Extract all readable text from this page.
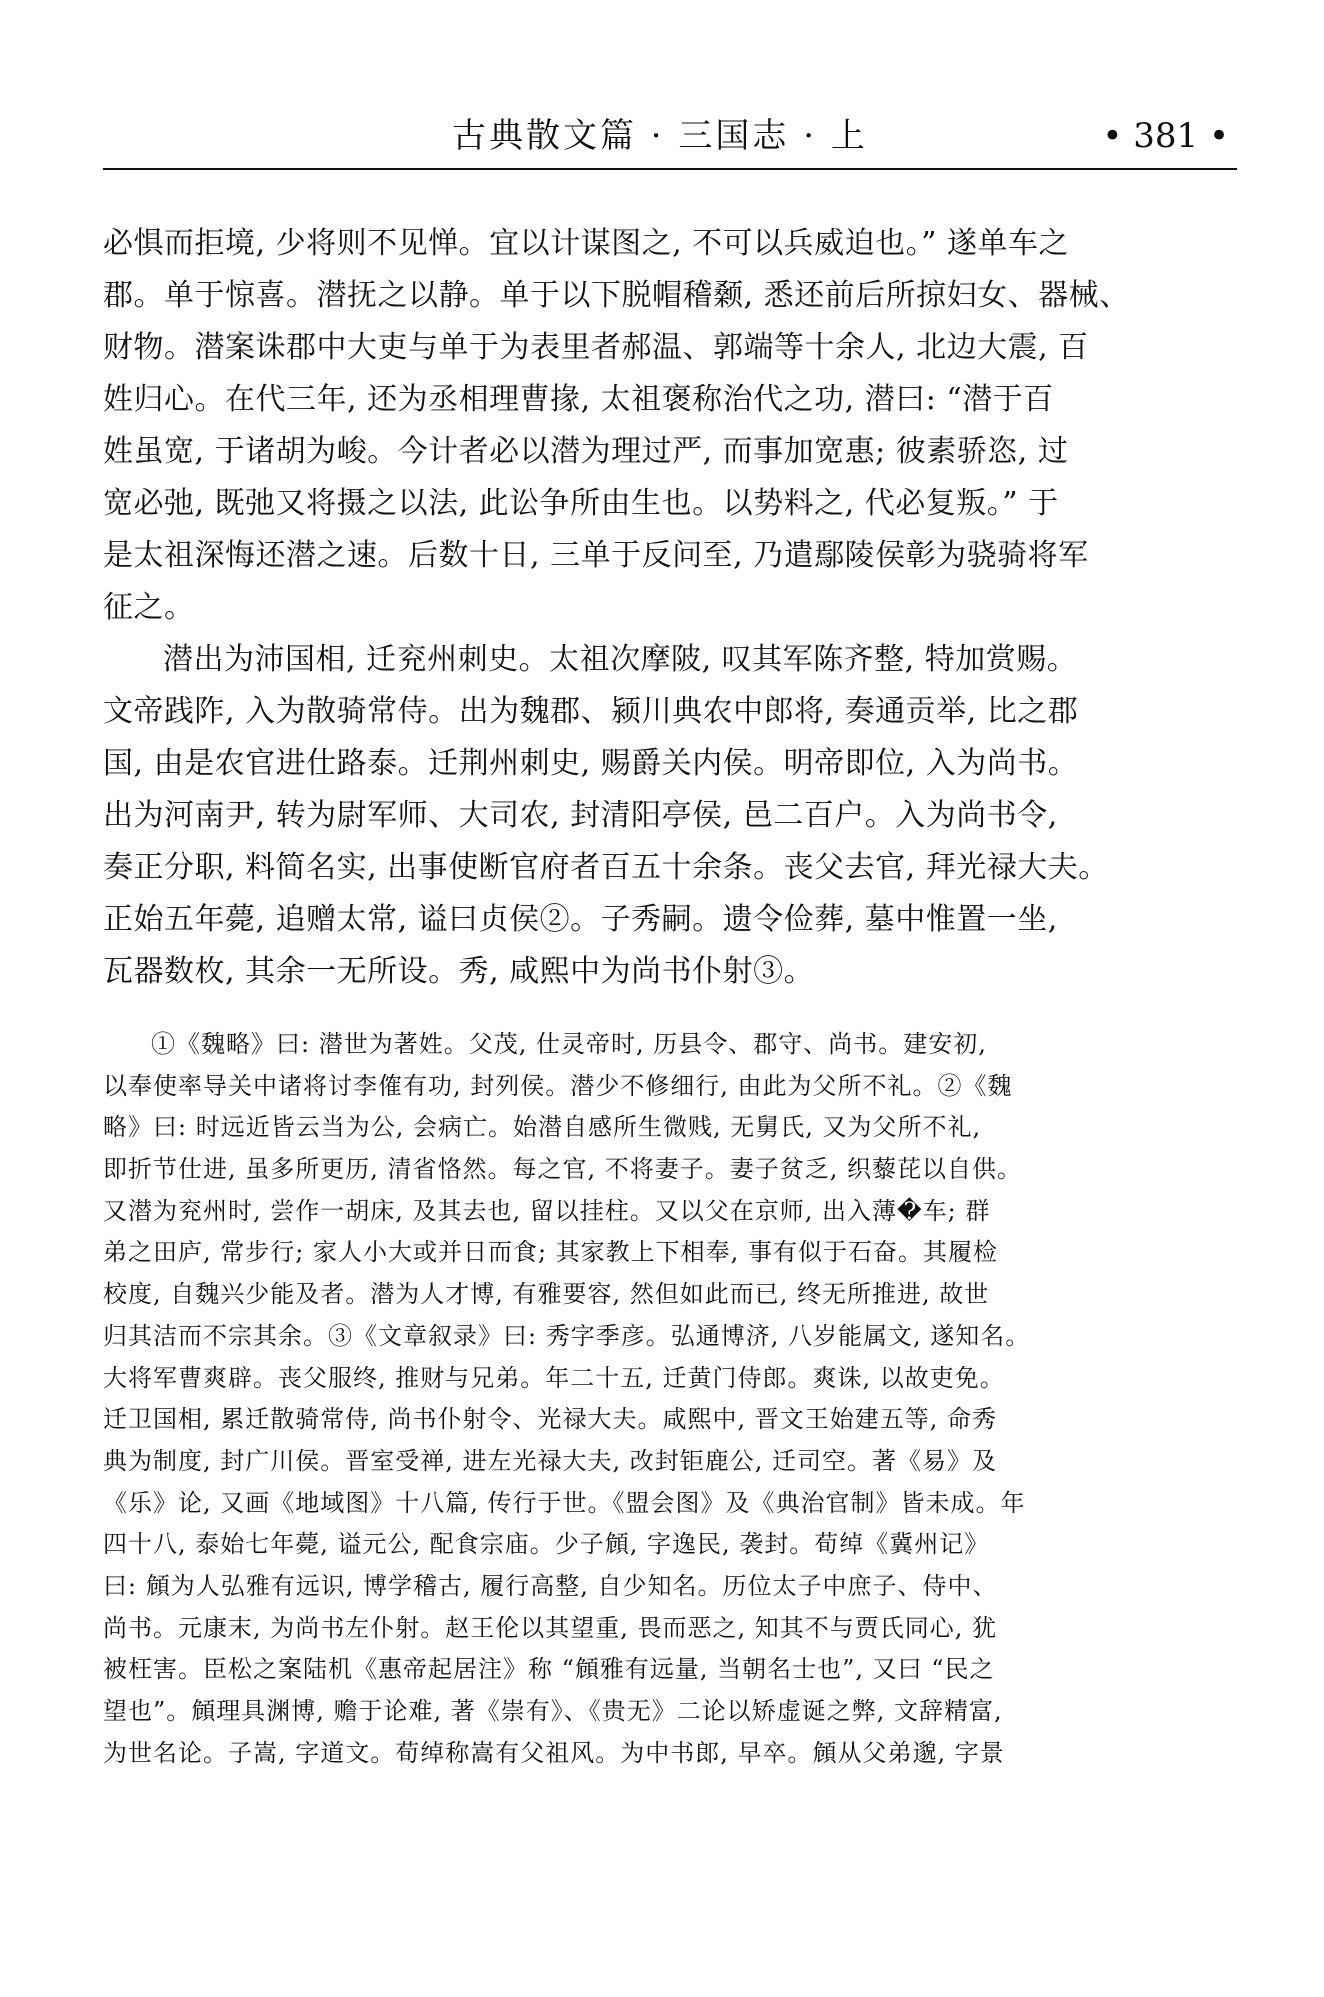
古典散文篇 · 三国志 · 上	• 381 •
必惧而拒境, 少将则不见惮。宜以计谋图之, 不可以兵威迫也。” 遂单车之
郡。单于惊喜。潜抚之以静。单于以下脱帽稽颡, 悉还前后所掠妇女、器械、
财物。潜案诛郡中大吏与单于为表里者郝温、郭端等十余人, 北边大震, 百
姓归心。在代三年, 还为丞相理曹掾, 太祖褒称治代之功, 潜曰: “潜于百
姓虽宽, 于诸胡为峻。今计者必以潜为理过严, 而事加宽惠; 彼素骄恣, 过
宽必弛, 既弛又将摄之以法, 此讼争所由生也。以势料之, 代必复叛。” 于
是太祖深悔还潜之速。后数十日, 三单于反问至, 乃遣鄢陵侯彰为骁骑将军
征之。
潜出为沛国相, 迁兖州刺史。太祖次摩陂, 叹其军陈齐整, 特加赏赐。
文帝践阼, 入为散骑常侍。出为魏郡、颍川典农中郎将, 奏通贡举, 比之郡
国, 由是农官进仕路泰。迁荆州刺史, 赐爵关内侯。明帝即位, 入为尚书。
出为河南尹, 转为尉军师、大司农, 封清阳亭侯, 邑二百户。入为尚书令,
奏正分职, 料简名实, 出事使断官府者百五十余条。丧父去官, 拜光禄大夫。
正始五年薨, 追赠太常, 谥曰贞侯②。子秀嗣。遗令俭葬, 墓中惟置一坐,
瓦器数枚, 其余一无所设。秀, 咸熙中为尚书仆射③。
①《魏略》曰: 潜世为著姓。父茂, 仕灵帝时, 历县令、郡守、尚书。建安初,
以奉使率导关中诸将讨李傕有功, 封列侯。潜少不修细行, 由此为父所不礼。②《魏
略》曰: 时远近皆云当为公, 会病亡。始潜自感所生微贱, 无舅氏, 又为父所不礼,
即折节仕进, 虽多所更历, 清省恪然。每之官, 不将妻子。妻子贫乏, 织藜芘以自供。
又潜为兖州时, 尝作一胡床, 及其去也, 留以挂柱。又以父在京师, 出入薄�车; 群
弟之田庐, 常步行; 家人小大或并日而食; 其家教上下相奉, 事有似于石奋。其履检
校度, 自魏兴少能及者。潜为人才博, 有雅要容, 然但如此而已, 终无所推进, 故世
归其洁而不宗其余。③《文章叙录》曰: 秀字季彦。弘通博济, 八岁能属文, 遂知名。
大将军曹爽辟。丧父服终, 推财与兄弟。年二十五, 迁黄门侍郎。爽诛, 以故吏免。
迁卫国相, 累迁散骑常侍, 尚书仆射令、光禄大夫。咸熙中, 晋文王始建五等, 命秀
典为制度, 封广川侯。晋室受禅, 进左光禄大夫, 改封钜鹿公, 迁司空。著《易》及
《乐》论, 又画《地域图》十八篇, 传行于世。《盟会图》及《典治官制》皆未成。年
四十八, 泰始七年薨, 谥元公, 配食宗庙。少子頠, 字逸民, 袭封。荀绰《冀州记》
曰: 頠为人弘雅有远识, 博学稽古, 履行高整, 自少知名。历位太子中庶子、侍中、
尚书。元康末, 为尚书左仆射。赵王伦以其望重, 畏而恶之, 知其不与贾氏同心, 犹
被枉害。臣松之案陆机《惠帝起居注》称 “頠雅有远量, 当朝名士也”, 又曰 “民之
望也”。頠理具渊博, 赡于论难, 著《崇有》、《贵无》二论以矫虚诞之弊, 文辞精富,
为世名论。子嵩, 字道文。荀绰称嵩有父祖风。为中书郎, 早卒。頠从父弟邈, 字景
